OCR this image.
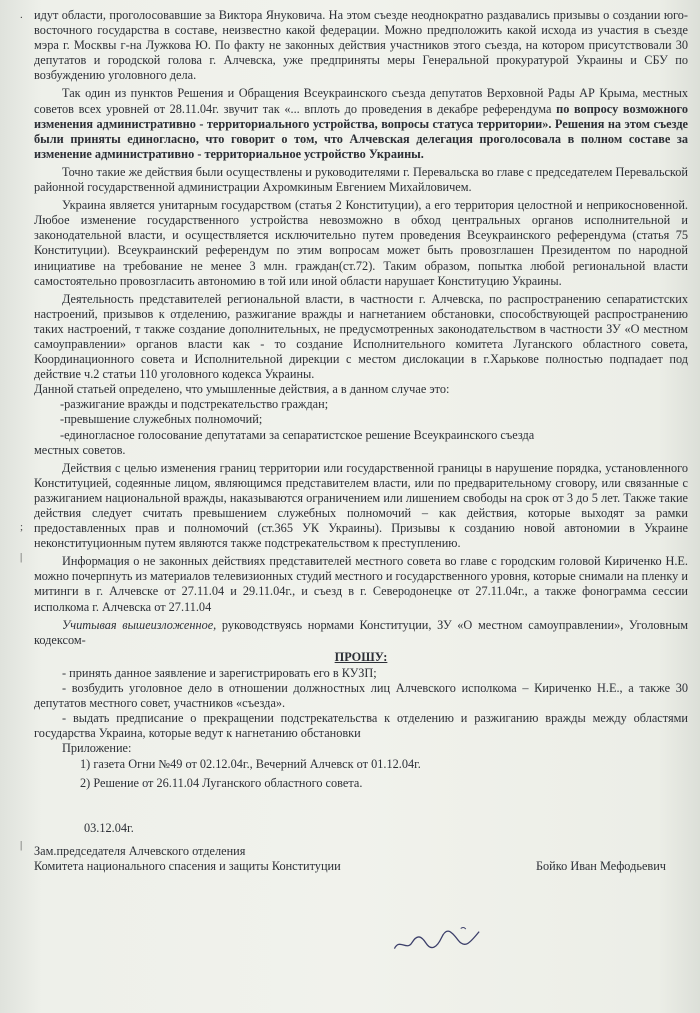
идут области, проголосовавшие за Виктора Януковича. На этом съезде неоднократно раздавались призывы о создании юго-восточного государства в составе, неизвестно какой федерации. Можно предположить какой исхода из участия в съезде мэра г. Москвы г-на Лужкова Ю. По факту не законных действия участников этого съезда, на котором присутствовали 30 депутатов и городской голова г. Алчевска, уже предприняты меры Генеральной прокуратурой Украины и СБУ по возбуждению уголовного дела.

Так один из пунктов Решения и Обращения Всеукраинского съезда депутатов Верховной Рады АР Крыма, местных советов всех уровней от 28.11.04г. звучит так «... вплоть до проведения в декабре референдума по вопросу возможного изменения административно - территориального устройства, вопросы статуса территории». Решения на этом съезде были приняты единогласно, что говорит о том, что Алчевская делегация проголосовала в полном составе за изменение административно - территориальное устройство Украины.

Точно такие же действия были осуществлены и руководителями г. Перевальска во главе с председателем Перевальской районной государственной администрации Ахромкиным Евгением Михайловичем.

Украина является унитарным государством (статья 2 Конституции), а его территория целостной и неприкосновенной. Любое изменение государственного устройства невозможно в обход центральных органов исполнительной и законодательной власти, и осуществляется исключительно путем проведения Всеукраинского референдума (статья 75 Конституции). Всеукраинский референдум по этим вопросам может быть провозглашен Президентом по народной инициативе на требование не менее 3 млн. граждан(ст.72). Таким образом, попытка любой региональной власти самостоятельно провозгласить автономию в той или иной области нарушает Конституцию Украины.

Деятельность представителей региональной власти, в частности г. Алчевска, по распространению сепаратистских настроений, призывов к отделению, разжигание вражды и нагнетанием обстановки, способствующей распространению таких настроений, т также создание дополнительных, не предусмотренных законодательством в частности ЗУ «О местном самоуправлении» органов власти как - то создание Исполнительного комитета Луганского областного совета, Координационного совета и Исполнительной дирекции с местом дислокации в г.Харькове полностью подпадает под действие ч.2 статьи 110 уголовного кодекса Украины.

Данной статьей определено, что умышленные действия, а в данном случае это:

-разжигание вражды и подстрекательство граждан;
-превышение служебных полномочий;
-единогласное голосование депутатами за сепаратистское решение Всеукраинского съезда

местных советов.

Действия с целью изменения границ территории или государственной границы в нарушение порядка, установленного Конституцией, содеянные лицом, являющимся представителем власти, или по предварительному сговору, или связанные с разжиганием национальной вражды, наказываются ограничением или лишением свободы на срок от 3 до 5 лет. Также такие действия следует считать превышением служебных полномочий – как действия, которые выходят за рамки предоставленных прав и полномочий (ст.365 УК Украины). Призывы к созданию новой автономии в Украине неконституционным путем являются также подстрекательством к преступлению.

Информация о не законных действиях представителей местного совета во главе с городским головой Кириченко Н.Е. можно почерпнуть из материалов телевизионных студий местного и государственного уровня, которые снимали на пленку и митинги в г. Алчевске от 27.11.04 и 29.11.04г., и съезд в г. Северодонецке от 27.11.04г., а также фонограмма сессии исполкома г. Алчевска от 27.11.04

Учитывая вышеизложенное, руководствуясь нормами Конституции, ЗУ «О местном самоуправлении», Уголовным кодексом-

ПРОШУ:

- принять данное заявление и зарегистрировать его в КУЗП;

- возбудить уголовное дело в отношении должностных лиц Алчевского исполкома – Кириченко Н.Е., а также 30 депутатов местного совет, участников «съезда».

- выдать предписание о прекращении подстрекательства к отделению и разжиганию вражды между областями государства Украина, которые ведут к нагнетанию обстановки

Приложение:

1) газета Огни №49 от 02.12.04г., Вечерний Алчевск от 01.12.04г.
2) Решение от 26.11.04 Луганского областного совета.

03.12.04г.

Зам.председателя Алчевского отделения

Комитета национального спасения и защиты Конституции	Бойко Иван Мефодьевич

.
;
|
|
